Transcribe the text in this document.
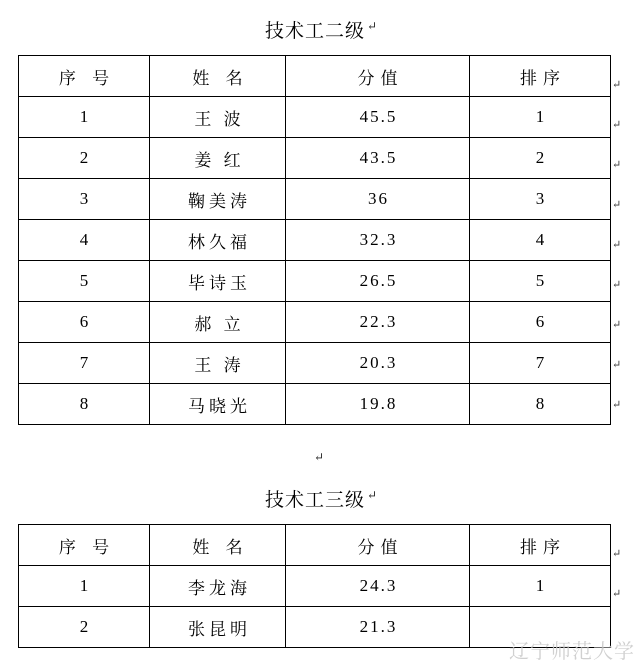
技术工二级 ↵
序 号	姓 名	分值	排序
1	王 波	45.5	1
2	姜 红	43.5	2
3	鞠美涛	36	3
4	林久福	32.3	4
5	毕诗玉	26.5	5
6	郝 立	22.3	6
7	王 涛	20.3	7
8	马晓光	19.8	8
↵
↵
↵
↵
↵
↵
↵
↵
↵
↵
技术工三级 ↵
序 号	姓 名	分值	排序
1	李龙海	24.3	1
2	张昆明	21.3	
↵
↵
辽宁师范大学
